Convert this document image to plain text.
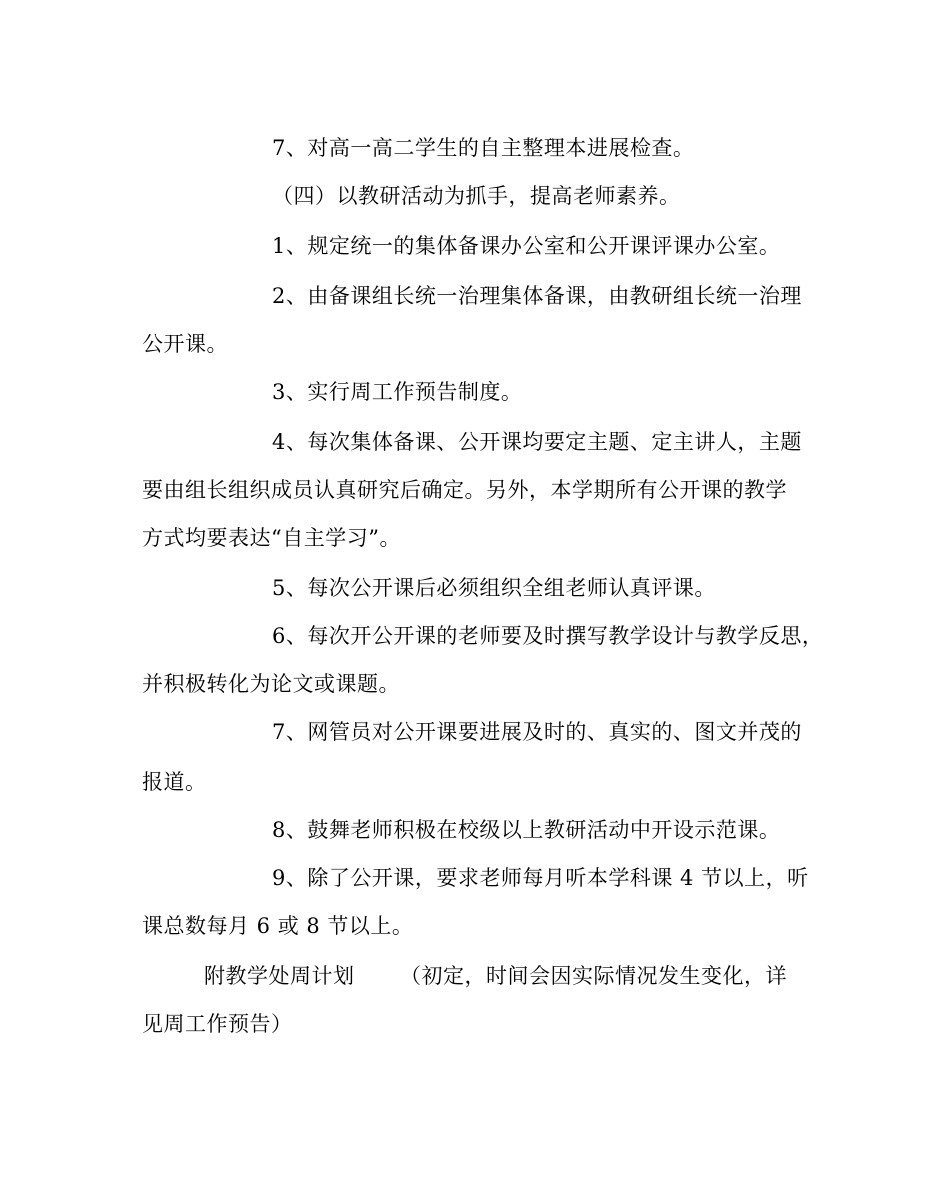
7、对高一高二学生的自主整理本进展检查。
（四）以教研活动为抓手，提高老师素养。
1、规定统一的集体备课办公室和公开课评课办公室。
2、由备课组长统一治理集体备课，由教研组长统一治理
公开课。
3、实行周工作预告制度。
4、每次集体备课、公开课均要定主题、定主讲人，主题
要由组长组织成员认真研究后确定。另外，本学期所有公开课的教学
方式均要表达“自主学习”。
5、每次公开课后必须组织全组老师认真评课。
6、每次开公开课的老师要及时撰写教学设计与教学反思，
并积极转化为论文或课题。
7、网管员对公开课要进展及时的、真实的、图文并茂的
报道。
8、鼓舞老师积极在校级以上教研活动中开设示范课。
9、除了公开课，要求老师每月听本学科课 4 节以上，听
课总数每月 6 或 8 节以上。
附教学处周计划 （初定，时间会因实际情况发生变化，详
见周工作预告）
